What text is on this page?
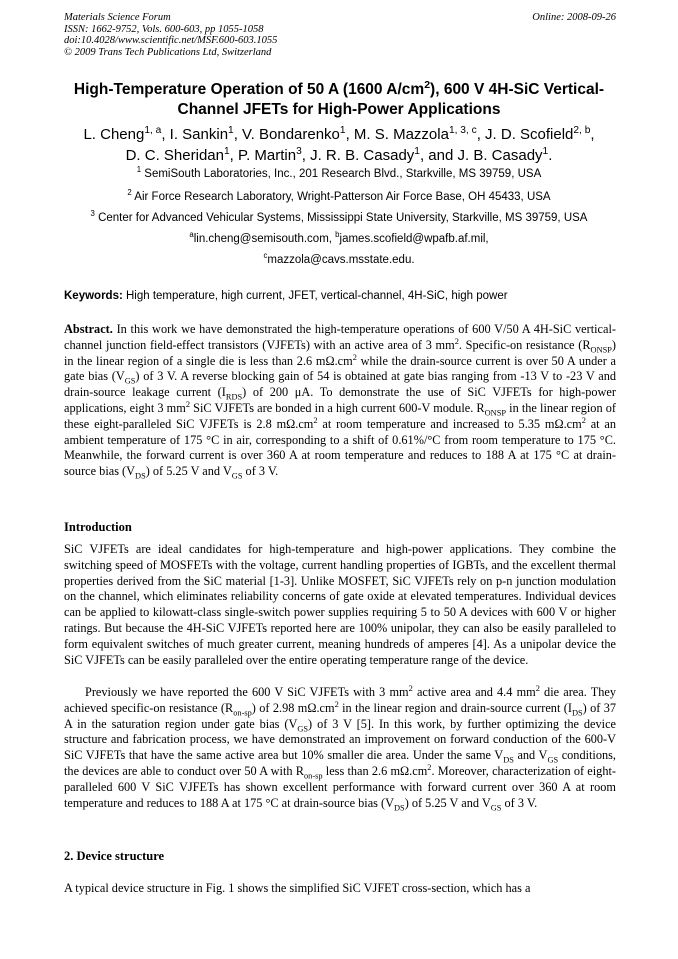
Materials Science Forum	Online: 2008-09-26
ISSN: 1662-9752, Vols. 600-603, pp 1055-1058
doi:10.4028/www.scientific.net/MSF.600-603.1055
© 2009 Trans Tech Publications Ltd, Switzerland
High-Temperature Operation of 50 A (1600 $A/cm^2$), 600 V 4H-SiC Vertical-
Channel JFETs for High-Power Applications
L. Cheng$^{1, a}$, I. Sankin$^1$, V. Bondarenko$^1$, M. S. Mazzola$^{1, 3, c}$, J. D. Scofield$^{2, b}$,
D. C. Sheridan$^1$, P. Martin$^3$, J. R. B. Casady$^1$, and J. B. Casady$^1$.
$^1$ SemiSouth Laboratories, Inc., 201 Research Blvd., Starkville, MS 39759, USA
$^2$ Air Force Research Laboratory, Wright-Patterson Air Force Base, OH 45433, USA
$^3$ Center for Advanced Vehicular Systems, Mississippi State University, Starkville, MS 39759, USA
$^a$lin.cheng@semisouth.com, $^b$james.scofield@wpafb.af.mil,
$^c$mazzola@cavs.msstate.edu.
Keywords: High temperature, high current, JFET, vertical-channel, 4H-SiC, high power
Abstract. In this work we have demonstrated the high-temperature operations of 600 V/50 A 4H-SiC vertical-channel junction field-effect transistors (VJFETs) with an active area of 3 $mm^2$. Specific-on resistance $(R_{ONSP})$ in the linear region of a single die is less than 2.6 $m\Omega.cm^2$ while the drain-source current is over 50 A under a gate bias $(V_{GS})$ of 3 V. A reverse blocking gain of 54 is obtained at gate bias ranging from -13 V to -23 V and drain-source leakage current $(I_{RDS})$ of 200 μA. To demonstrate the use of SiC VJFETs for high-power applications, eight 3 $mm^2$ SiC VJFETs are bonded in a high current 600-V module. $R_{ONSP}$ in the linear region of these eight-paralleled SiC VJFETs is 2.8 $m\Omega.cm^2$ at room temperature and increased to 5.35 $m\Omega.cm^2$ at an ambient temperature of 175 °C in air, corresponding to a shift of 0.61%/°C from room temperature to 175 °C. Meanwhile, the forward current is over 360 A at room temperature and reduces to 188 A at 175 °C at drain-source bias $(V_{DS})$ of 5.25 V and $V_{GS}$ of 3 V.
Introduction
SiC VJFETs are ideal candidates for high-temperature and high-power applications. They combine the switching speed of MOSFETs with the voltage, current handling properties of IGBTs, and the excellent thermal properties derived from the SiC material [1-3]. Unlike MOSFET, SiC VJFETs rely on p-n junction modulation on the channel, which eliminates reliability concerns of gate oxide at elevated temperatures. Individual devices can be applied to kilowatt-class single-switch power supplies requiring 5 to 50 A devices with 600 V or higher ratings. But because the 4H-SiC VJFETs reported here are 100% unipolar, they can also be easily paralleled to form equivalent switches of much greater current, meaning hundreds of amperes [4]. As a unipolar device the SiC VJFETs can be easily paralleled over the entire operating temperature range of the device.
Previously we have reported the 600 V SiC VJFETs with 3 $mm^2$ active area and 4.4 $mm^2$ die area. They achieved specific-on resistance $(R_{on-sp})$ of 2.98 $m\Omega.cm^2$ in the linear region and drain-source current $(I_{DS})$ of 37 A in the saturation region under gate bias $(V_{GS})$ of 3 V [5]. In this work, by further optimizing the device structure and fabrication process, we have demonstrated an improvement on forward conduction of the 600-V SiC VJFETs that have the same active area but 10% smaller die area. Under the same $V_{DS}$ and $V_{GS}$ conditions, the devices are able to conduct over 50 A with $R_{on-sp}$ less than 2.6 $m\Omega.cm^2$. Moreover, characterization of eight-paralleled 600 V SiC VJFETs has shown excellent performance with forward current over 360 A at room temperature and reduces to 188 A at 175 °C at drain-source bias $(V_{DS})$ of 5.25 V and $V_{GS}$ of 3 V.
2. Device structure
A typical device structure in Fig. 1 shows the simplified SiC VJFET cross-section, which has a
